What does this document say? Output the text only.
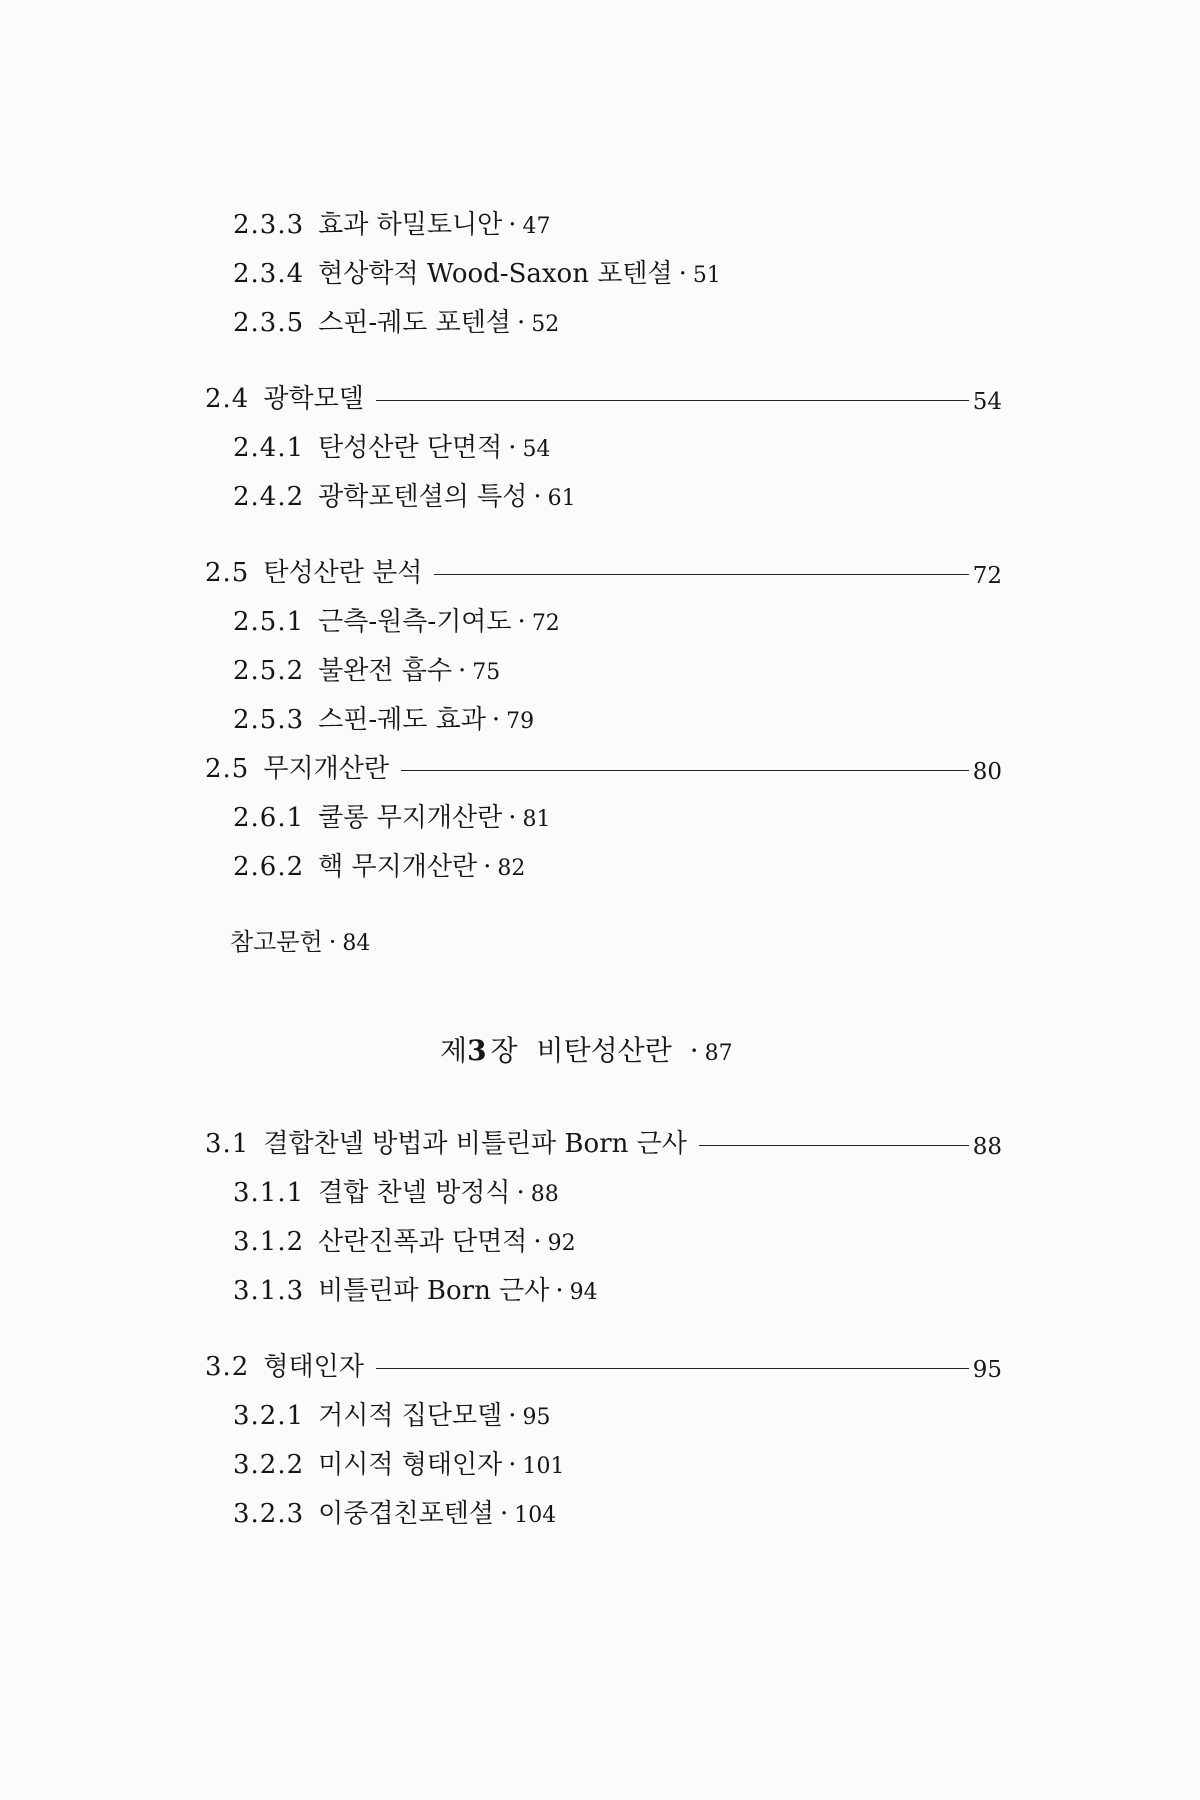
2.3.3 효과 하밀토니안 · 47
2.3.4 현상학적 Wood-Saxon 포텐셜 · 51
2.3.5 스핀-궤도 포텐셜 · 52
2.4 광학모델	54
2.4.1 탄성산란 단면적 · 54
2.4.2 광학포텐셜의 특성 · 61
2.5 탄성산란 분석	72
2.5.1 근측-원측-기여도 · 72
2.5.2 불완전 흡수 · 75
2.5.3 스핀-궤도 효과 · 79
2.5 무지개산란	80
2.6.1 쿨롱 무지개산란 · 81
2.6.2 핵 무지개산란 · 82
참고문헌 · 84
제3 장 비탄성산란 · 87
3.1 결합찬넬 방법과 비틀린파 Born 근사	88
3.1.1 결합 찬넬 방정식 · 88
3.1.2 산란진폭과 단면적 · 92
3.1.3 비틀린파 Born 근사 · 94
3.2 형태인자	95
3.2.1 거시적 집단모델 · 95
3.2.2 미시적 형태인자 · 101
3.2.3 이중겹친포텐셜 · 104
